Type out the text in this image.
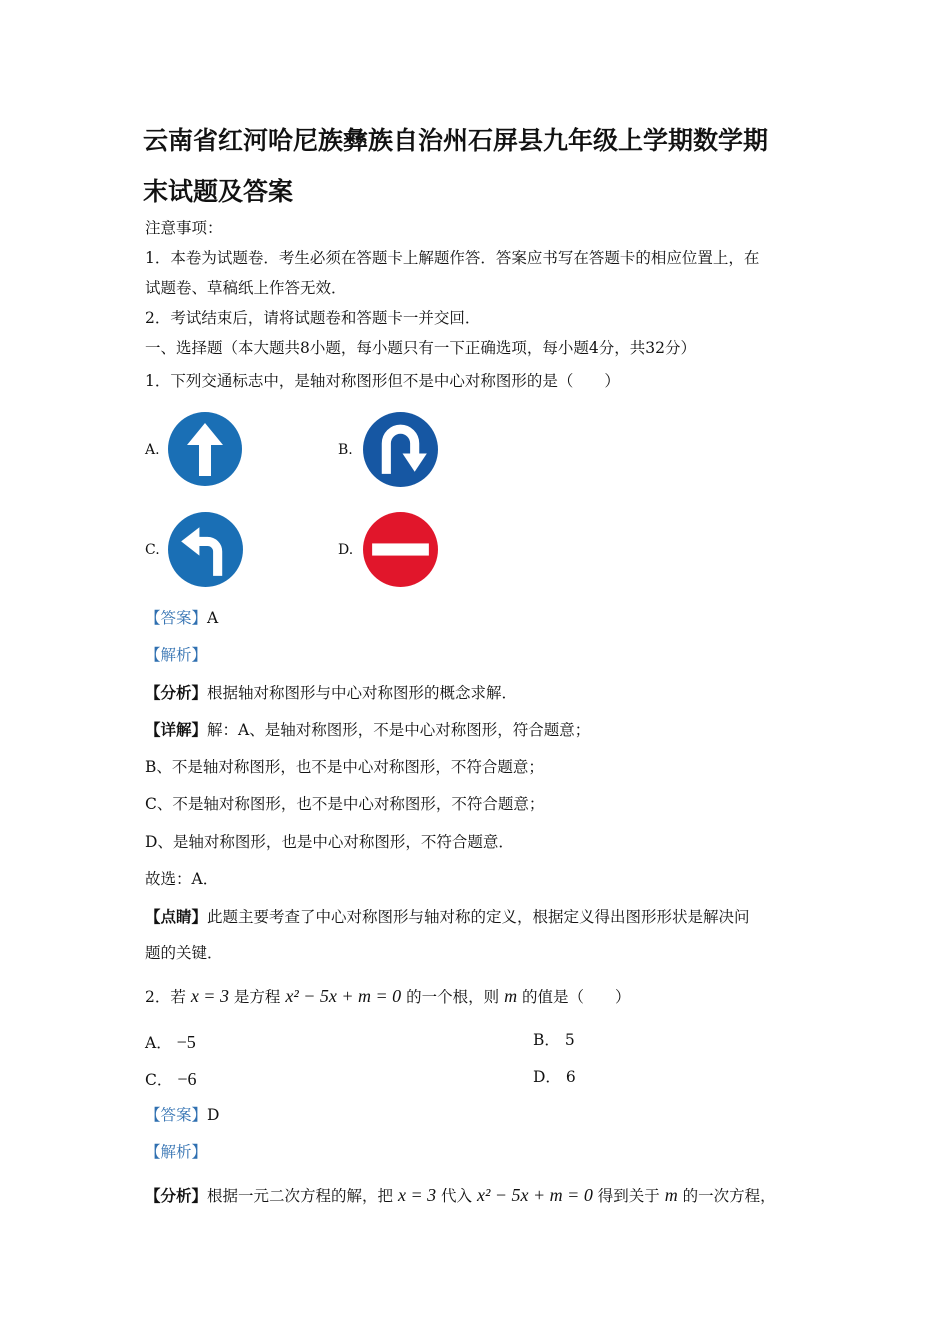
云南省红河哈尼族彝族自治州石屏县九年级上学期数学期
末试题及答案
注意事项：
1．本卷为试题卷．考生必须在答题卡上解题作答．答案应书写在答题卡的相应位置上，在
试题卷、草稿纸上作答无效．
2．考试结束后，请将试题卷和答题卡一并交回．
一、选择题（本大题共8小题，每小题只有一下正确选项，每小题4分，共32分）
1．下列交通标志中，是轴对称图形但不是中心对称图形的是（　　）
A.	B.
C.	D.
【答案】A
【解析】
【分析】根据轴对称图形与中心对称图形的概念求解．
【详解】解：A、是轴对称图形，不是中心对称图形，符合题意；
B、不是轴对称图形，也不是中心对称图形，不符合题意；
C、不是轴对称图形，也不是中心对称图形，不符合题意；
D、是轴对称图形，也是中心对称图形，不符合题意．
故选：A．
【点睛】此题主要考查了中心对称图形与轴对称的定义，根据定义得出图形形状是解决问
题的关键．
2．若 x = 3 是方程 x² − 5x + m = 0 的一个根，则 m 的值是（　　）
A． −5	B． 5
C． −6	D． 6
【答案】D
【解析】
【分析】根据一元二次方程的解，把 x = 3 代入 x² − 5x + m = 0 得到关于 m 的一次方程，
